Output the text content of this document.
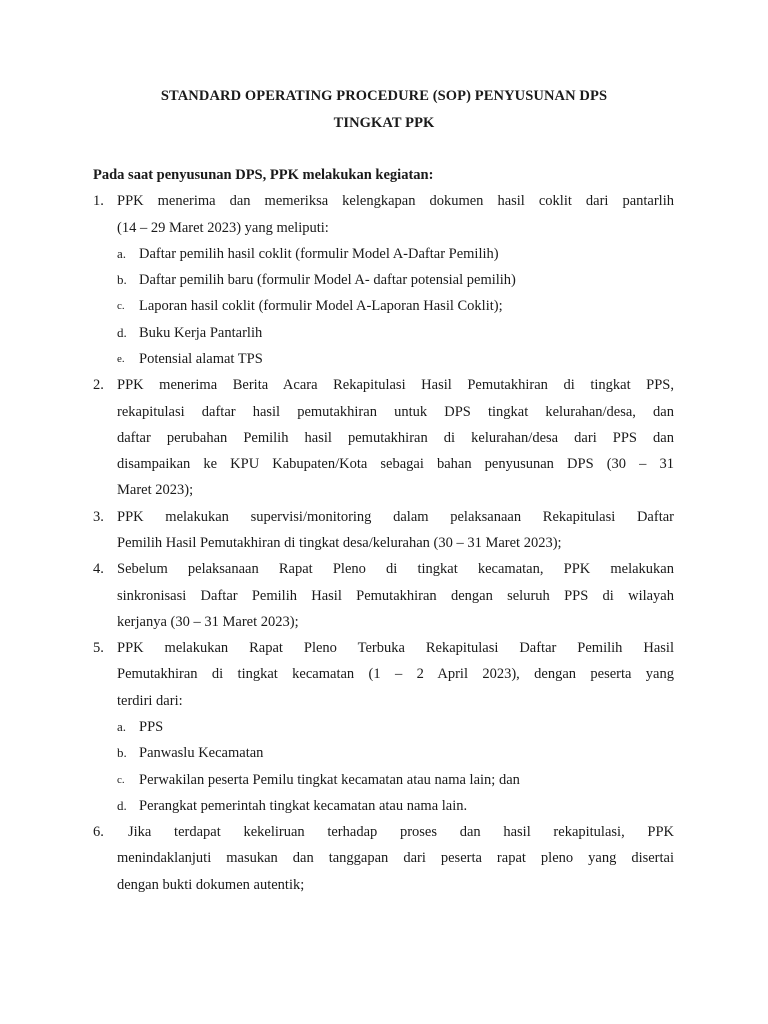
STANDARD OPERATING PROCEDURE (SOP) PENYUSUNAN DPS
TINGKAT PPK
Pada saat penyusunan DPS, PPK melakukan kegiatan:
1. PPK menerima dan memeriksa kelengkapan dokumen hasil coklit dari pantarlih
(14 – 29 Maret 2023) yang meliputi:
a. Daftar pemilih hasil coklit (formulir Model A-Daftar Pemilih)
b. Daftar pemilih baru (formulir Model A- daftar potensial pemilih)
c. Laporan hasil coklit (formulir Model A-Laporan Hasil Coklit);
d. Buku Kerja Pantarlih
e. Potensial alamat TPS
2. PPK menerima Berita Acara Rekapitulasi Hasil Pemutakhiran di tingkat PPS,
rekapitulasi daftar hasil pemutakhiran untuk DPS tingkat kelurahan/desa, dan
daftar perubahan Pemilih hasil pemutakhiran di kelurahan/desa dari PPS dan
disampaikan ke KPU Kabupaten/Kota sebagai bahan penyusunan DPS (30 – 31
Maret 2023);
3. PPK melakukan supervisi/monitoring dalam pelaksanaan Rekapitulasi Daftar
Pemilih Hasil Pemutakhiran di tingkat desa/kelurahan (30 – 31 Maret 2023);
4. Sebelum pelaksanaan Rapat Pleno di tingkat kecamatan, PPK melakukan
sinkronisasi Daftar Pemilih Hasil Pemutakhiran dengan seluruh PPS di wilayah
kerjanya (30 – 31 Maret 2023);
5. PPK melakukan Rapat Pleno Terbuka Rekapitulasi Daftar Pemilih Hasil
Pemutakhiran di tingkat kecamatan (1 – 2 April 2023), dengan peserta yang
terdiri dari:
a. PPS
b. Panwaslu Kecamatan
c. Perwakilan peserta Pemilu tingkat kecamatan atau nama lain; dan
d. Perangkat pemerintah tingkat kecamatan atau nama lain.
6. Jika terdapat kekeliruan terhadap proses dan hasil rekapitulasi, PPK
menindaklanjuti masukan dan tanggapan dari peserta rapat pleno yang disertai
dengan bukti dokumen autentik;
